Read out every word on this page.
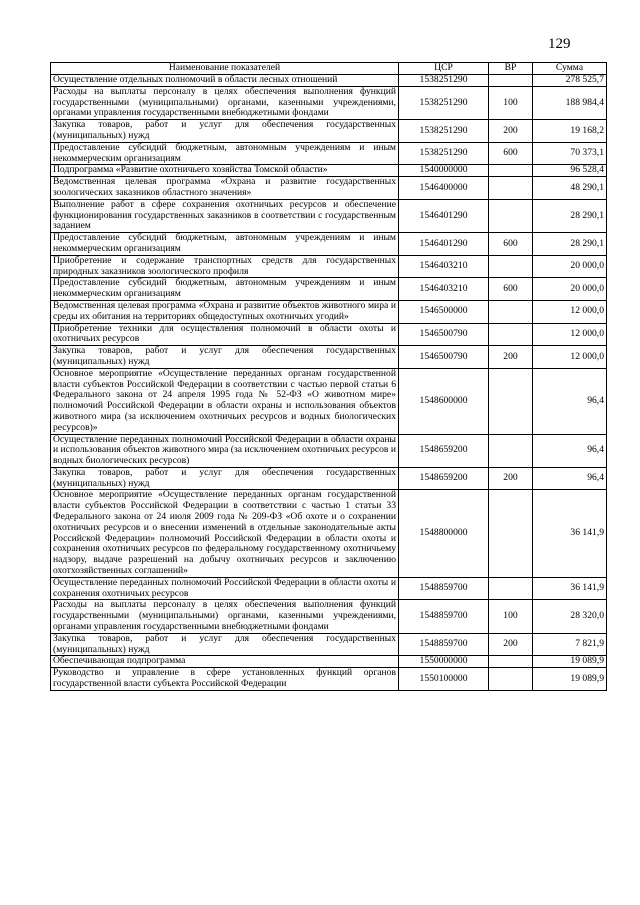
129
Наименование показателей	ЦСР	ВР	Сумма
Осуществление отдельных полномочий в области лесных отношений	1538251290		278 525,7
Расходы на выплаты персоналу в целях обеспечения выполнения функций государственными (муниципальными) органами, казенными учреждениями, органами управления государственными внебюджетными фондами	1538251290	100	188 984,4
Закупка товаров, работ и услуг для обеспечения государственных (муниципальных) нужд	1538251290	200	19 168,2
Предоставление субсидий бюджетным, автономным учреждениям и иным некоммерческим организациям	1538251290	600	70 373,1
Подпрограмма «Развитие охотничьего хозяйства Томской области»	1540000000		96 528,4
Ведомственная целевая программа «Охрана и развитие государственных зоологических заказников областного значения»	1546400000		48 290,1
Выполнение работ в сфере сохранения охотничьих ресурсов и обеспечение функционирования государственных заказников в соответствии с государственным заданием	1546401290		28 290,1
Предоставление субсидий бюджетным, автономным учреждениям и иным некоммерческим организациям	1546401290	600	28 290,1
Приобретение и содержание транспортных средств для государственных природных заказников зоологического профиля	1546403210		20 000,0
Предоставление субсидий бюджетным, автономным учреждениям и иным некоммерческим организациям	1546403210	600	20 000,0
Ведомственная целевая программа «Охрана и развитие объектов животного мира и среды их обитания на территориях общедоступных охотничьих угодий»	1546500000		12 000,0
Приобретение техники для осуществления полномочий в области охоты и охотничьих ресурсов	1546500790		12 000,0
Закупка товаров, работ и услуг для обеспечения государственных (муниципальных) нужд	1546500790	200	12 000,0
Основное мероприятие «Осуществление переданных органам государственной власти субъектов Российской Федерации в соответствии с частью первой статьи 6 Федерального закона от 24 апреля 1995 года № 52-ФЗ «О животном мире» полномочий Российской Федерации в области охраны и использования объектов животного мира (за исключением охотничьих ресурсов и водных биологических ресурсов)»	1548600000		96,4
Осуществление переданных полномочий Российской Федерации в области охраны и использования объектов животного мира (за исключением охотничьих ресурсов и водных биологических ресурсов)	1548659200		96,4
Закупка товаров, работ и услуг для обеспечения государственных (муниципальных) нужд	1548659200	200	96,4
Основное мероприятие «Осуществление переданных органам государственной власти субъектов Российской Федерации в соответствии с частью 1 статьи 33 Федерального закона от 24 июля 2009 года № 209-ФЗ «Об охоте и о сохранении охотничьих ресурсов и о внесении изменений в отдельные законодательные акты Российской Федерации» полномочий Российской Федерации в области охоты и сохранения охотничьих ресурсов по федеральному государственному охотничьему надзору, выдаче разрешений на добычу охотничьих ресурсов и заключению охотхозяйственных соглашений»	1548800000		36 141,9
Осуществление переданных полномочий Российской Федерации в области охоты и сохранения охотничьих ресурсов	1548859700		36 141,9
Расходы на выплаты персоналу в целях обеспечения выполнения функций государственными (муниципальными) органами, казенными учреждениями, органами управления государственными внебюджетными фондами	1548859700	100	28 320,0
Закупка товаров, работ и услуг для обеспечения государственных (муниципальных) нужд	1548859700	200	7 821,9
Обеспечивающая подпрограмма	1550000000		19 089,9
Руководство и управление в сфере установленных функций органов государственной власти субъекта Российской Федерации	1550100000		19 089,9
